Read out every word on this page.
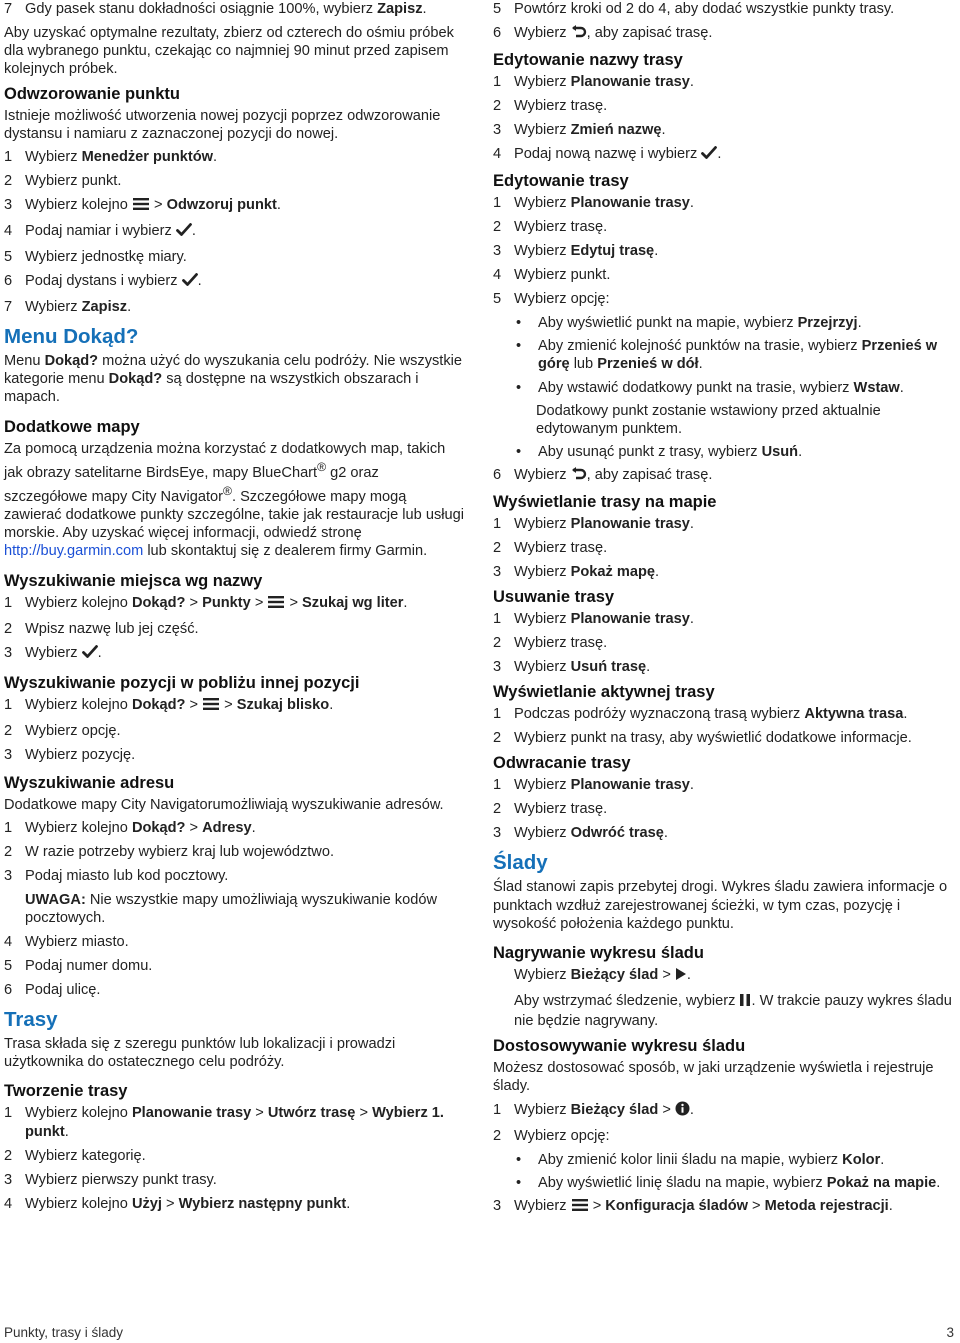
7 Gdy pasek stanu dokładności osiągnie 100%, wybierz Zapisz.

Aby uzyskać optymalne rezultaty, zbierz od czterech do ośmiu próbek dla wybranego punktu, czekając co najmniej 90 minut przed zapisem kolejnych próbek.

Odwzorowanie punktu

Istnieje możliwość utworzenia nowej pozycji poprzez odwzorowanie dystansu i namiaru z zaznaczonej pozycji do nowej.

1 Wybierz Menedżer punktów.
2 Wybierz punkt.
3 Wybierz kolejno  > Odwzoruj punkt.
4 Podaj namiar i wybierz .
5 Wybierz jednostkę miary.
6 Podaj dystans i wybierz .
7 Wybierz Zapisz.
Menu Dokąd?

Menu Dokąd? można użyć do wyszukania celu podróży. Nie wszystkie kategorie menu Dokąd? są dostępne na wszystkich obszarach i mapach.

Dodatkowe mapy

Za pomocą urządzenia można korzystać z dodatkowych map, takich jak obrazy satelitarne BirdsEye, mapy BlueChart® g2 oraz szczegółowe mapy City Navigator®. Szczegółowe mapy mogą zawierać dodatkowe punkty szczególne, takie jak restauracje lub usługi morskie. Aby uzyskać więcej informacji, odwiedź stronę http://buy.garmin.com lub skontaktuj się z dealerem firmy Garmin.

Wyszukiwanie miejsca wg nazwy
1 Wybierz kolejno Dokąd? > Punkty >  > Szukaj wg liter.
2 Wpisz nazwę lub jej część.
3 Wybierz .
Wyszukiwanie pozycji w pobliżu innej pozycji
1 Wybierz kolejno Dokąd? >  > Szukaj blisko.
2 Wybierz opcję.
3 Wybierz pozycję.
Wyszukiwanie adresu

Dodatkowe mapy City Navigatorumożliwiają wyszukiwanie adresów.

1 Wybierz kolejno Dokąd? > Adresy.
2 W razie potrzeby wybierz kraj lub województwo.
3 Podaj miasto lub kod pocztowy.
UWAGA: Nie wszystkie mapy umożliwiają wyszukiwanie kodów pocztowych.
4 Wybierz miasto.
5 Podaj numer domu.
6 Podaj ulicę.
Trasy

Trasa składa się z szeregu punktów lub lokalizacji i prowadzi użytkownika do ostatecznego celu podróży.

Tworzenie trasy
1 Wybierz kolejno Planowanie trasy > Utwórz trasę > Wybierz 1. punkt.
2 Wybierz kategorię.
3 Wybierz pierwszy punkt trasy.
4 Wybierz kolejno Użyj > Wybierz następny punkt.
5 Powtórz kroki od 2 do 4, aby dodać wszystkie punkty trasy.
6 Wybierz , aby zapisać trasę.
Edytowanie nazwy trasy
1 Wybierz Planowanie trasy.
2 Wybierz trasę.
3 Wybierz Zmień nazwę.
4 Podaj nową nazwę i wybierz .
Edytowanie trasy
1 Wybierz Planowanie trasy.
2 Wybierz trasę.
3 Wybierz Edytuj trasę.
4 Wybierz punkt.
5 Wybierz opcję:
•	Aby wyświetlić punkt na mapie, wybierz Przejrzyj.
•	Aby zmienić kolejność punktów na trasie, wybierz Przenieś w górę lub Przenieś w dół.
•	Aby wstawić dodatkowy punkt na trasie, wybierz Wstaw.
Dodatkowy punkt zostanie wstawiony przed aktualnie edytowanym punktem.
•	Aby usunąć punkt z trasy, wybierz Usuń.
6 Wybierz , aby zapisać trasę.
Wyświetlanie trasy na mapie
1 Wybierz Planowanie trasy.
2 Wybierz trasę.
3 Wybierz Pokaż mapę.
Usuwanie trasy
1 Wybierz Planowanie trasy.
2 Wybierz trasę.
3 Wybierz Usuń trasę.
Wyświetlanie aktywnej trasy
1 Podczas podróży wyznaczoną trasą wybierz Aktywna trasa.
2 Wybierz punkt na trasy, aby wyświetlić dodatkowe informacje.
Odwracanie trasy
1 Wybierz Planowanie trasy.
2 Wybierz trasę.
3 Wybierz Odwróć trasę.
Ślady

Ślad stanowi zapis przebytej drogi. Wykres śladu zawiera informacje o punktach wzdłuż zarejestrowanej ścieżki, w tym czas, pozycję i wysokość położenia każdego punktu.

Nagrywanie wykresu śladu
Wybierz Bieżący ślad > .
Aby wstrzymać śledzenie, wybierz . W trakcie pauzy wykres śladu nie będzie nagrywany.
Dostosowywanie wykresu śladu

Możesz dostosować sposób, w jaki urządzenie wyświetla i rejestruje ślady.

1 Wybierz Bieżący ślad > .
2 Wybierz opcję:
•	Aby zmienić kolor linii śladu na mapie, wybierz Kolor.
•	Aby wyświetlić linię śladu na mapie, wybierz Pokaż na mapie.
3 Wybierz  > Konfiguracja śladów > Metoda rejestracji.
Punkty, trasy i ślady	3
